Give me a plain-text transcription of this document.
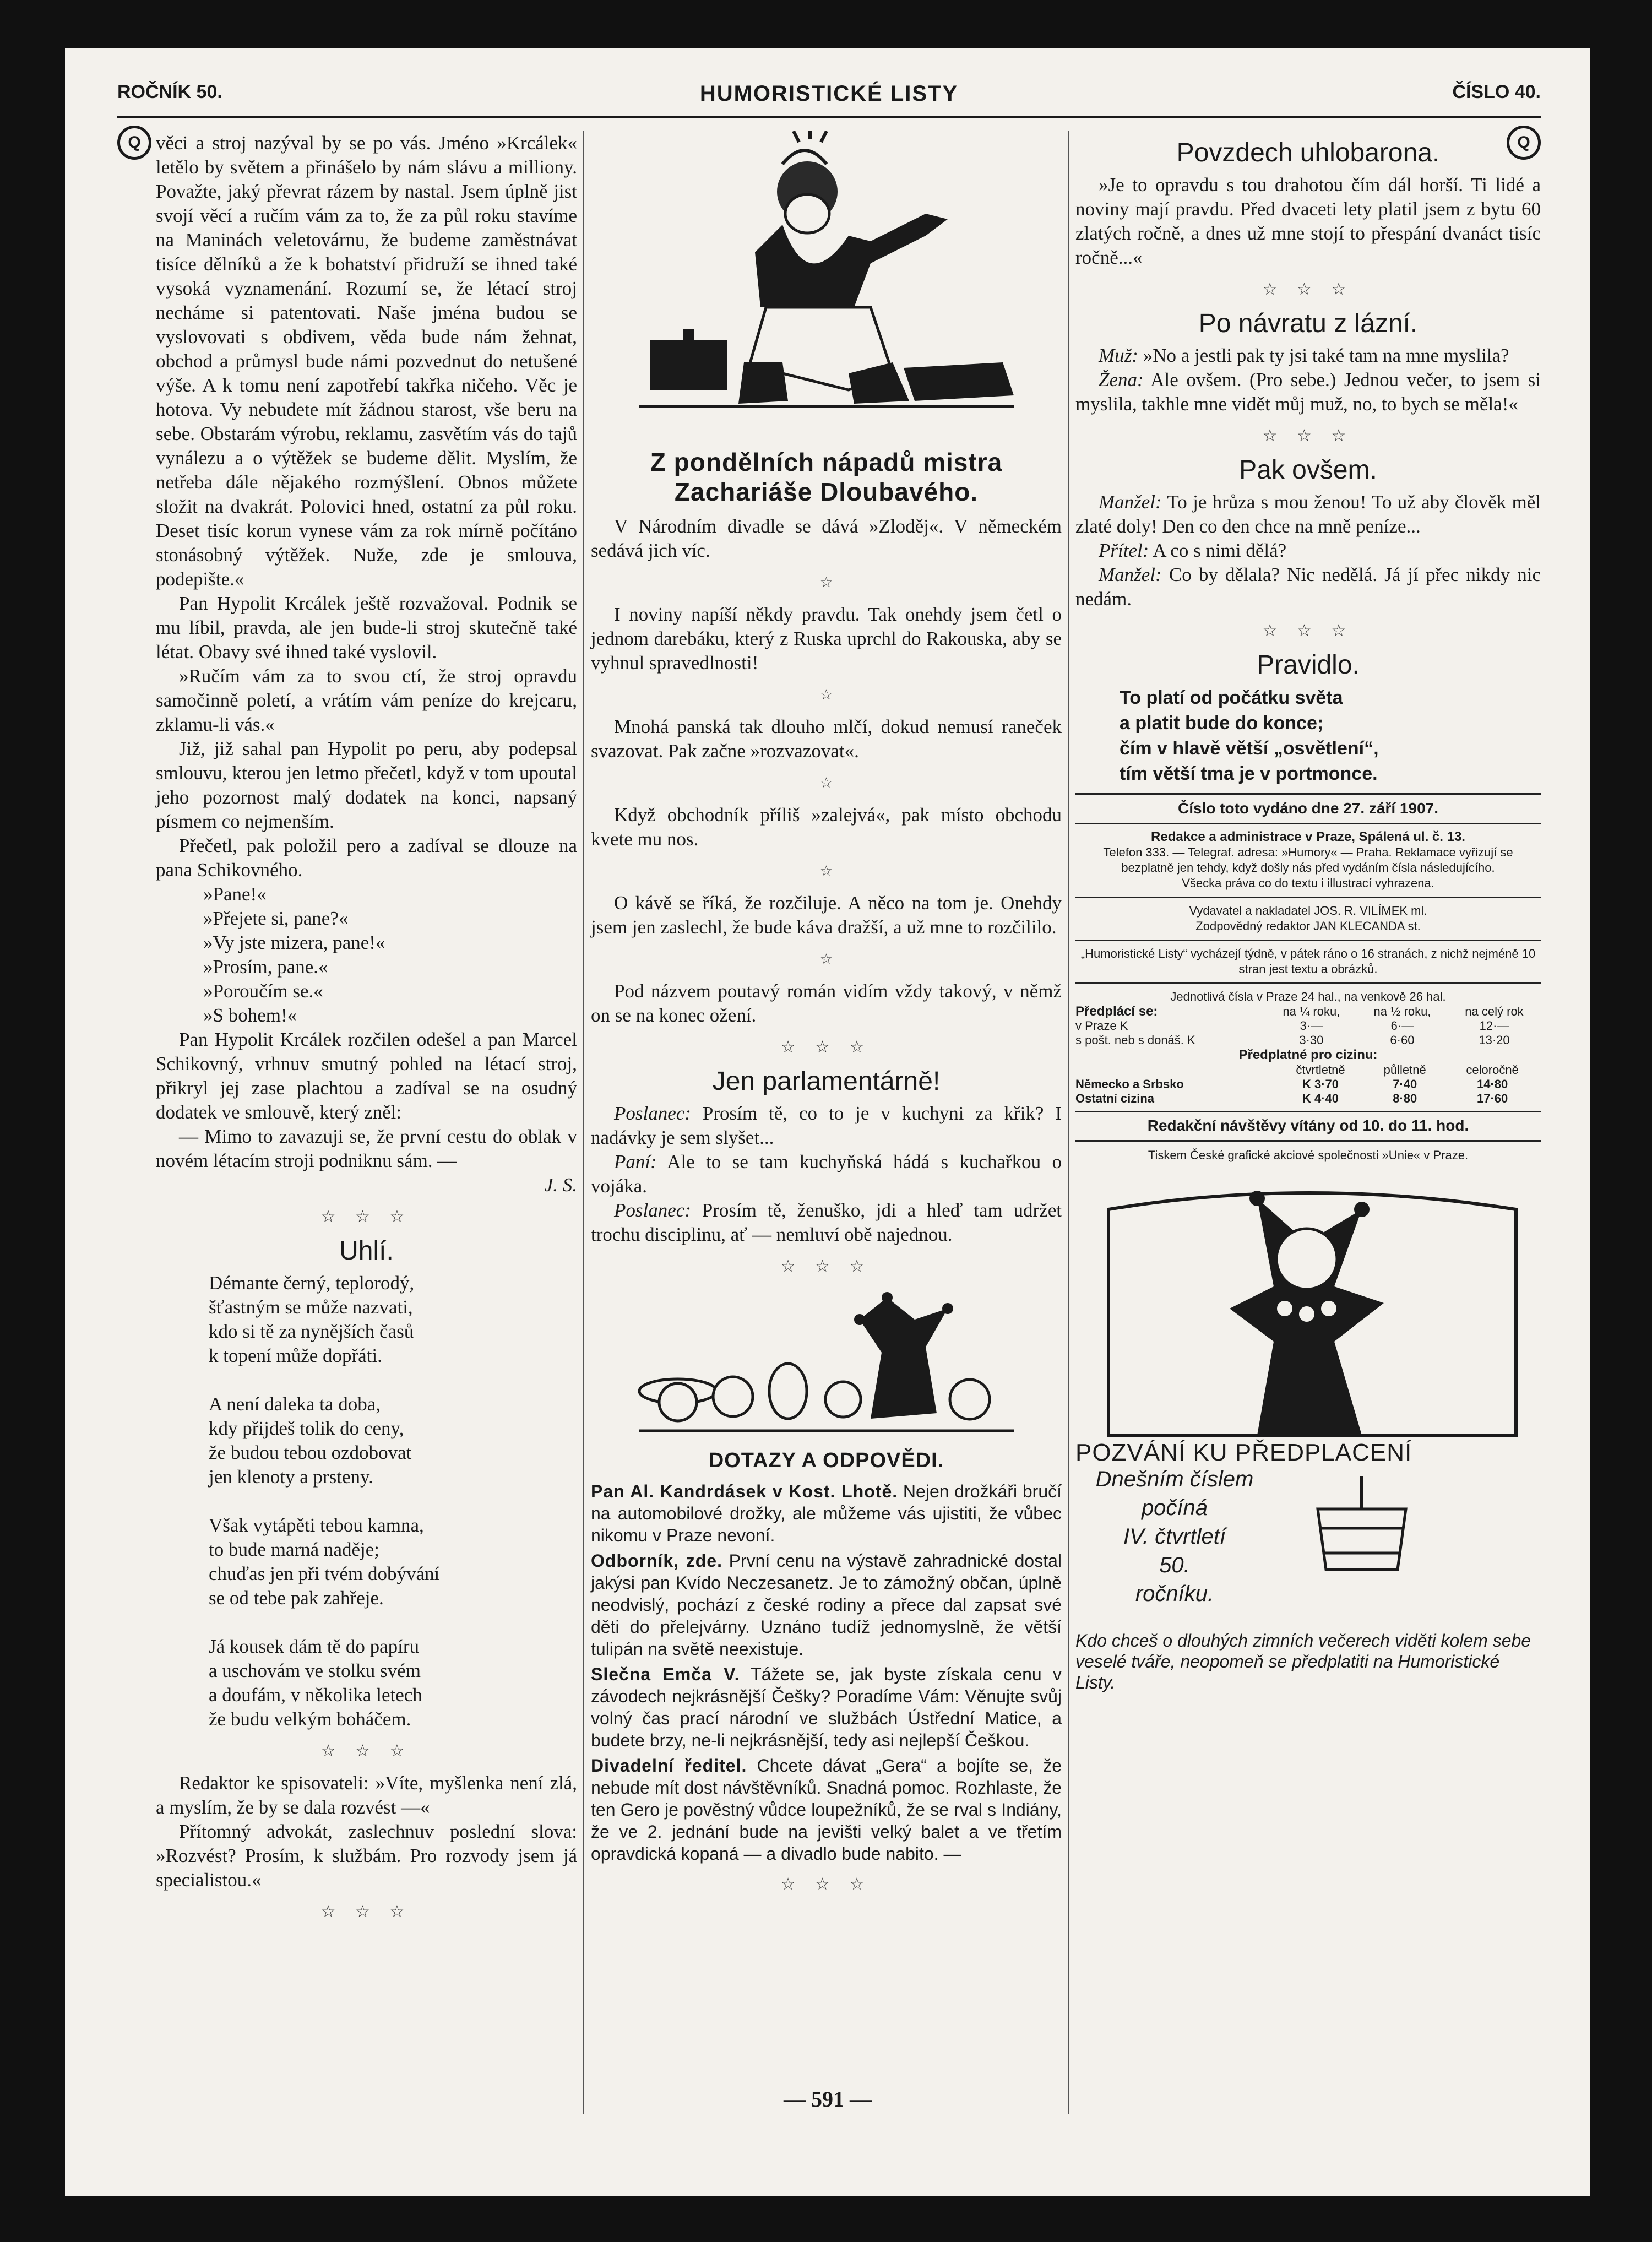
ROČNÍK 50.	HUMORISTICKÉ LISTY	ČÍSLO 40.
Q	Q

věci a stroj nazýval by se po vás. Jméno »Krcálek« letělo by světem a přinášelo by nám slávu a milliony. Považte, jaký převrat rázem by nastal. Jsem úplně jist svojí věcí a ručím vám za to, že za půl roku stavíme na Maninách veletovárnu, že budeme zaměstnávat tisíce dělníků a že k bohatství přidruží se ihned také vysoká vyznamenání. Rozumí se, že létací stroj necháme si patentovati. Naše jména budou se vyslovovati s obdivem, věda bude nám žehnat, obchod a průmysl bude námi pozvednut do netušené výše. A k tomu není zapotřebí takřka ničeho. Věc je hotova. Vy nebudete mít žádnou starost, vše beru na sebe. Obstarám výrobu, reklamu, zasvětím vás do tajů vynálezu a o výtěžek se budeme dělit. Myslím, že netřeba dále nějakého rozmýšlení. Obnos můžete složit na dvakrát. Polovici hned, ostatní za půl roku. Deset tisíc korun vynese vám za rok mírně počítáno stonásobný výtěžek. Nuže, zde je smlouva, podepište.«

Pan Hypolit Krcálek ještě rozvažoval. Podnik se mu líbil, pravda, ale jen bude-li stroj skutečně také létat. Obavy své ihned také vyslovil.

»Ručím vám za to svou ctí, že stroj opravdu samočinně poletí, a vrátím vám peníze do krejcaru, zklamu-li vás.«

Již, již sahal pan Hypolit po peru, aby podepsal smlouvu, kterou jen letmo přečetl, když v tom upoutal jeho pozornost malý dodatek na konci, napsaný písmem co nejmenším.

Přečetl, pak položil pero a zadíval se dlouze na pana Schikovného.

»Pane!«
»Přejete si, pane?«
»Vy jste mizera, pane!«
»Prosím, pane.«
»Poroučím se.«
»S bohem!«

Pan Hypolit Krcálek rozčilen odešel a pan Marcel Schikovný, vrhnuv smutný pohled na létací stroj, přikryl jej zase plachtou a zadíval se na osudný dodatek ve smlouvě, který zněl:

— Mimo to zavazuji se, že první cestu do oblak v novém létacím stroji podniknu sám. —

J. S.
☆ ☆ ☆
Uhlí.
Démante černý, teplorodý,
šťastným se může nazvati,
kdo si tě za nynějších časů
k topení může dopřáti.
A není daleka ta doba,
kdy přijdeš tolik do ceny,
že budou tebou ozdobovat
jen klenoty a prsteny.
Však vytápěti tebou kamna,
to bude marná naděje;
chuďas jen při tvém dobývání
se od tebe pak zahřeje.
Já kousek dám tě do papíru
a uschovám ve stolku svém
a doufám, v několika letech
že budu velkým boháčem.
☆ ☆ ☆

Redaktor ke spisovateli: »Víte, myšlenka není zlá, a myslím, že by se dala rozvést —«

Přítomný advokát, zaslechnuv poslední slova: »Rozvést? Prosím, k službám. Pro rozvody jsem já specialistou.«

☆ ☆ ☆
Z pondělních nápadů mistra Zachariáše Dloubavého.

V Národním divadle se dává »Zloděj«. V německém sedává jich víc.

☆

I noviny napíší někdy pravdu. Tak onehdy jsem četl o jednom darebáku, který z Ruska uprchl do Rakouska, aby se vyhnul spravedlnosti!

☆

Mnohá panská tak dlouho mlčí, dokud nemusí raneček svazovat. Pak začne »rozvazovat«.

☆

Když obchodník příliš »zalejvá«, pak místo obchodu kvete mu nos.

☆

O kávě se říká, že rozčiluje. A něco na tom je. Onehdy jsem jen zaslechl, že bude káva dražší, a už mne to rozčililo.

☆

Pod názvem poutavý román vidím vždy takový, v němž on se na konec ožení.

☆ ☆ ☆
Jen parlamentárně!

Poslanec: Prosím tě, co to je v kuchyni za křik? I nadávky je sem slyšet...

Paní: Ale to se tam kuchyňská hádá s kuchařkou o vojáka.

Poslanec: Prosím tě, ženuško, jdi a hleď tam udržet trochu disciplinu, ať — nemluví obě najednou.

☆ ☆ ☆
DOTAZY A ODPOVĚDI.

Pan Al. Kandrdásek v Kost. Lhotě. Nejen drožkáři bručí na automobilové drožky, ale můžeme vás ujistiti, že vůbec nikomu v Praze nevoní.

Odborník, zde. První cenu na výstavě zahradnické dostal jakýsi pan Kvído Neczesanetz. Je to zámožný občan, úplně neodvislý, pochází z české rodiny a přece dal zapsat své děti do přelejvárny. Uznáno tudíž jednomyslně, že větší tulipán na světě neexistuje.

Slečna Emča V. Tážete se, jak byste získala cenu v závodech nejkrásnější Češky? Poradíme Vám: Věnujte svůj volný čas prací národní ve službách Ústřední Matice, a budete brzy, ne-li nejkrásnější, tedy asi nejlepší Češkou.

Divadelní ředitel. Chcete dávat „Gera“ a bojíte se, že nebude mít dost návštěvníků. Snadná pomoc. Rozhlaste, že ten Gero je pověstný vůdce loupežníků, že se rval s Indiány, že ve 2. jednání bude na jevišti velký balet a ve třetím opravdická kopaná — a divadlo bude nabito. —

☆ ☆ ☆
Povzdech uhlobarona.

»Je to opravdu s tou drahotou čím dál horší. Ti lidé a noviny mají pravdu. Před dvaceti lety platil jsem z bytu 60 zlatých ročně, a dnes už mne stojí to přespání dvanáct tisíc ročně...«

☆ ☆ ☆
Po návratu z lázní.

Muž: »No a jestli pak ty jsi také tam na mne myslila?

Žena: Ale ovšem. (Pro sebe.) Jednou večer, to jsem si myslila, takhle mne vidět můj muž, no, to bych se měla!«

☆ ☆ ☆
Pak ovšem.

Manžel: To je hrůza s mou ženou! To už aby člověk měl zlaté doly! Den co den chce na mně peníze...

Přítel: A co s nimi dělá?

Manžel: Co by dělala? Nic nedělá. Já jí přec nikdy nic nedám.

☆ ☆ ☆
Pravidlo.
To platí od počátku světa
a platit bude do konce;
čím v hlavě větší „osvětlení“,
tím větší tma je v portmonce.
Číslo toto vydáno dne 27. září 1907.
Redakce a administrace v Praze, Spálená ul. č. 13.
Telefon 333. — Telegraf. adresa: »Humory« — Praha. Reklamace vyřizují se bezplatně jen tehdy, když došly nás před vydáním čísla následujícího.
Všecka práva co do textu i illustrací vyhrazena.
Vydavatel a nakladatel JOS. R. VILÍMEK ml.
Zodpovědný redaktor JAN KLECANDA st.
„Humoristické Listy“ vycházejí týdně, v pátek ráno o 16 stranách, z nichž nejméně 10 stran jest textu a obrázků.
Jednotlivá čísla v Praze 24 hal., na venkově 26 hal.
Předplácí se:	na ¼ roku,	na ½ roku,	na celý rok
v Praze K	3·—	6·—	12·—
s pošt. neb s donáš. K	3·30	6·60	13·20
Předplatné pro cizinu:
	čtvrtletně	půlletně	celoročně
Německo a Srbsko	K 3·70	7·40	14·80
Ostatní cizina	K 4·40	8·80	17·60
Redakční návštěvy vítány od 10. do 11. hod.
Tiskem České grafické akciové společnosti »Unie« v Praze.
POZVÁNÍ KU PŘEDPLACENÍ
Dnešním číslem
počíná
IV. čtvrtletí
50.
ročníku.
Kdo chceš o dlouhých zimních večerech viděti kolem sebe veselé tváře, neopomeň se předplatiti na Humoristické Listy.
— 591 —
